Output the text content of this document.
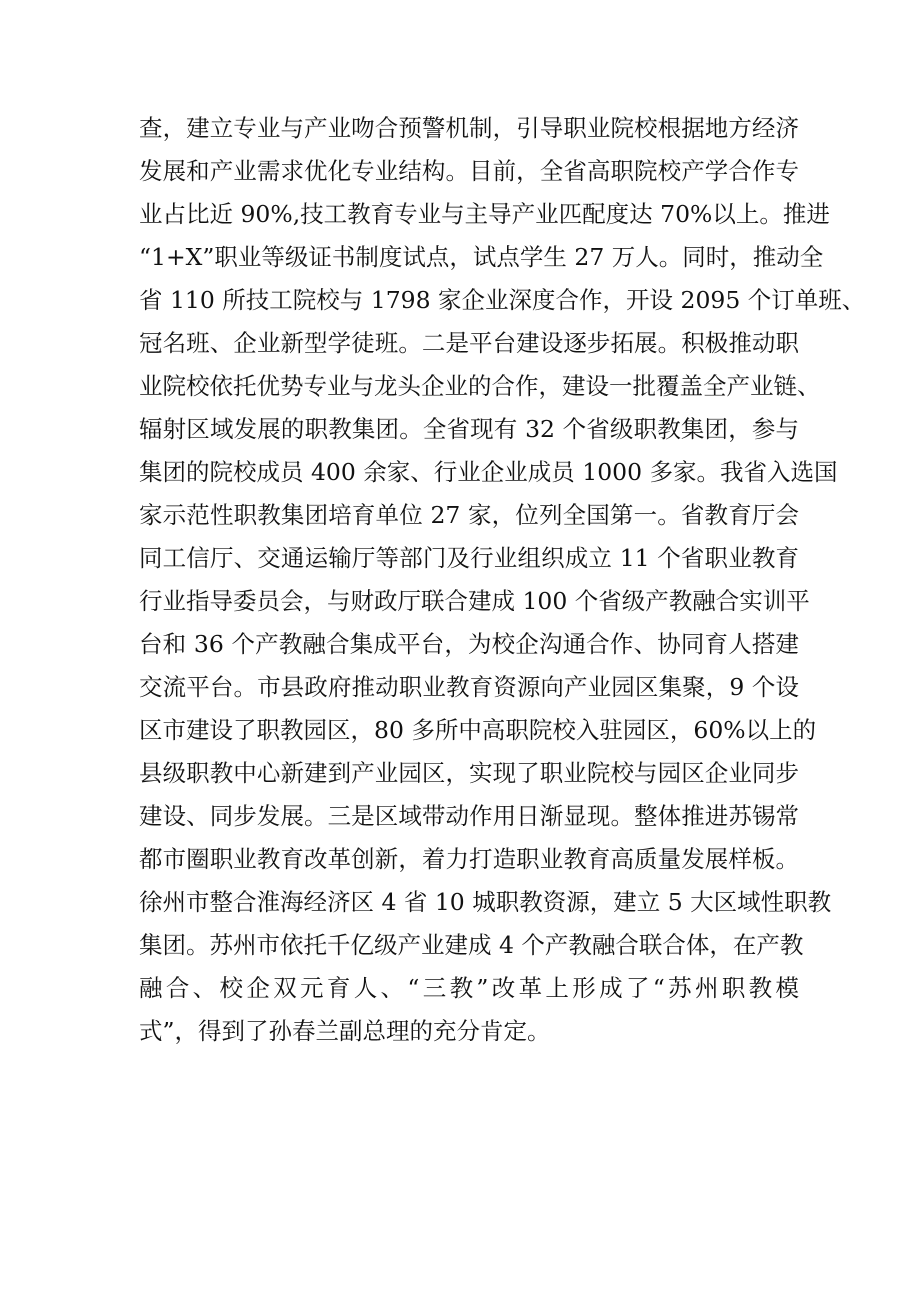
查，建立专业与产业吻合预警机制，引导职业院校根据地方经济
发展和产业需求优化专业结构。目前，全省高职院校产学合作专
业占比近 90%,技工教育专业与主导产业匹配度达 70%以上。推进
“1+X”职业等级证书制度试点，试点学生 27 万人。同时，推动全
省 110 所技工院校与 1798 家企业深度合作，开设 2095 个订单班、
冠名班、企业新型学徒班。二是平台建设逐步拓展。积极推动职
业院校依托优势专业与龙头企业的合作，建设一批覆盖全产业链、
辐射区域发展的职教集团。全省现有 32 个省级职教集团，参与
集团的院校成员 400 余家、行业企业成员 1000 多家。我省入选国
家示范性职教集团培育单位 27 家，位列全国第一。省教育厅会
同工信厅、交通运输厅等部门及行业组织成立 11 个省职业教育
行业指导委员会，与财政厅联合建成 100 个省级产教融合实训平
台和 36 个产教融合集成平台，为校企沟通合作、协同育人搭建
交流平台。市县政府推动职业教育资源向产业园区集聚，9 个设
区市建设了职教园区，80 多所中高职院校入驻园区，60%以上的
县级职教中心新建到产业园区，实现了职业院校与园区企业同步
建设、同步发展。三是区域带动作用日渐显现。整体推进苏锡常
都市圈职业教育改革创新，着力打造职业教育高质量发展样板。
徐州市整合淮海经济区 4 省 10 城职教资源，建立 5 大区域性职教
集团。苏州市依托千亿级产业建成 4 个产教融合联合体，在产教
融合、校企双元育人、“三教”改革上形成了“苏州职教模
式”，得到了孙春兰副总理的充分肯定。
